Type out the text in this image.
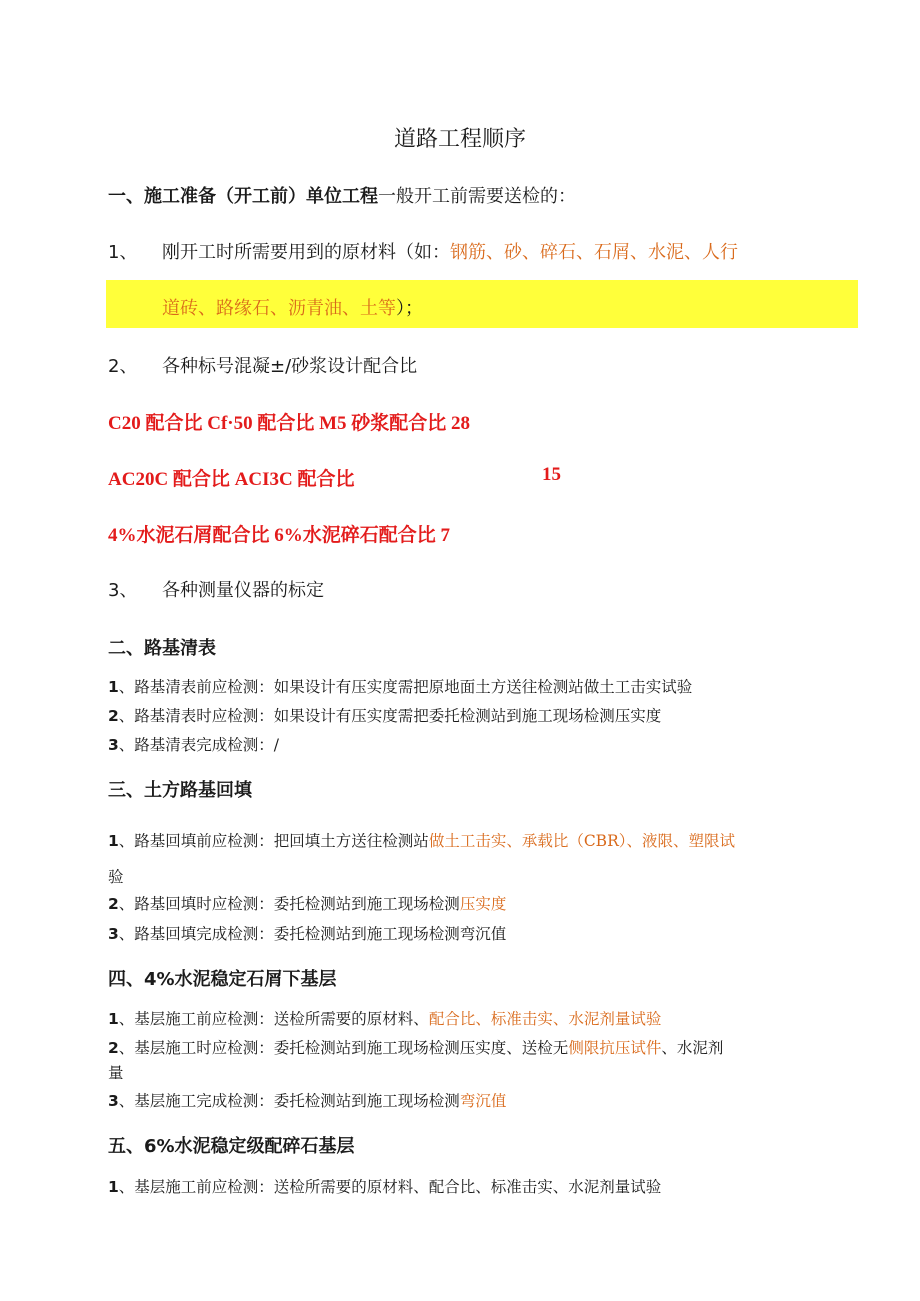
道路工程顺序
一、施工准备（开工前）单位工程一般开工前需要送检的：
1、 刚开工时所需要用到的原材料（如：钢筋、砂、碎石、石屑、水泥、人行
道砖、路缘石、沥青油、土等）；
2、 各种标号混凝±/砂浆设计配合比
C20 配合比 Cf·50 配合比 M5 砂浆配合比 28
AC20C 配合比 ACI3C 配合比	15
4%水泥石屑配合比 6%水泥碎石配合比 7
3、 各种测量仪器的标定
二、路基清表
1、路基清表前应检测：如果设计有压实度需把原地面土方送往检测站做土工击实试验
2、路基清表时应检测：如果设计有压实度需把委托检测站到施工现场检测压实度
3、路基清表完成检测：/
三、土方路基回填
1、路基回填前应检测：把回填土方送往检测站做土工击实、承载比（CBR）、液限、塑限试
验
2、路基回填时应检测：委托检测站到施工现场检测压实度
3、路基回填完成检测：委托检测站到施工现场检测弯沉值
四、4%水泥稳定石屑下基层
1、基层施工前应检测：送检所需要的原材料、配合比、标准击实、水泥剂量试验
2、基层施工时应检测：委托检测站到施工现场检测压实度、送检无侧限抗压试件、水泥剂
量
3、基层施工完成检测：委托检测站到施工现场检测弯沉值
五、6%水泥稳定级配碎石基层
1、基层施工前应检测：送检所需要的原材料、配合比、标准击实、水泥剂量试验
